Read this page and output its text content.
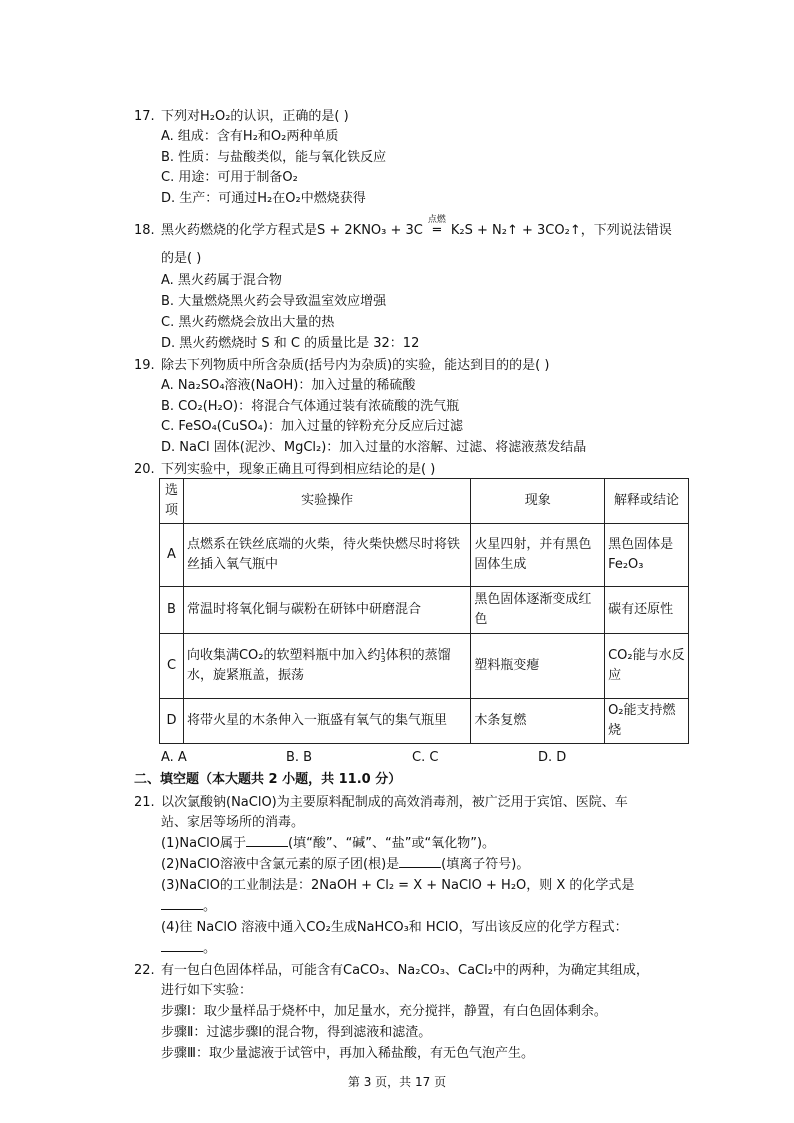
17. 下列对H₂O₂的认识，正确的是( )
A. 组成：含有H₂和O₂两种单质
B. 性质：与盐酸类似，能与氧化铁反应
C. 用途：可用于制备O₂
D. 生产：可通过H₂在O₂中燃烧获得
18. 黑火药燃烧的化学方程式是S + 2KNO₃ + 3C
点燃
═ K₂S + N₂↑ + 3CO₂↑，下列说法错误
的是( )
A. 黑火药属于混合物
B. 大量燃烧黑火药会导致温室效应增强
C. 黑火药燃烧会放出大量的热
D. 黑火药燃烧时 S 和 C 的质量比是 32：12
19. 除去下列物质中所含杂质(括号内为杂质)的实验，能达到目的的是( )
A. Na₂SO₄溶液(NaOH)：加入过量的稀硫酸
B. CO₂(H₂O)：将混合气体通过装有浓硫酸的洗气瓶
C. FeSO₄(CuSO₄)：加入过量的锌粉充分反应后过滤
D. NaCl 固体(泥沙、MgCl₂)：加入过量的水溶解、过滤、将滤液蒸发结晶
20. 下列实验中，现象正确且可得到相应结论的是( )
选项	实验操作	现象	解释或结论
A	点燃系在铁丝底端的火柴，待火柴快燃尽时将铁丝插入氧气瓶中	火星四射，并有黑色固体生成	黑色固体是Fe₂O₃
B	常温时将氧化铜与碳粉在研钵中研磨混合	黑色固体逐渐变成红色	碳有还原性
C	向收集满CO₂的软塑料瓶中加入约1
3体积的蒸馏水，旋紧瓶盖，振荡	塑料瓶变瘪	CO₂能与水反应
D	将带火星的木条伸入一瓶盛有氧气的集气瓶里	木条复燃	O₂能支持燃烧
A. A	B. B	C. C	D. D
二、填空题（本大题共 2 小题，共 11.0 分）
21. 以次氯酸钠(NaClO)为主要原料配制成的高效消毒剂，被广泛用于宾馆、医院、车
站、家居等场所的消毒。
(1)NaClO属于	(填“酸”、“碱”、“盐”或“氧化物”)。
(2)NaClO溶液中含氯元素的原子团(根)是	(填离子符号)。
(3)NaClO的工业制法是：2NaOH + Cl₂ = X + NaClO + H₂O，则 X 的化学式是
。
(4)往 NaClO 溶液中通入CO₂生成NaHCO₃和 HClO，写出该反应的化学方程式：
。
22. 有一包白色固体样品，可能含有CaCO₃、Na₂CO₃、CaCl₂中的两种，为确定其组成，
进行如下实验：
步骤Ⅰ：取少量样品于烧杯中，加足量水，充分搅拌，静置，有白色固体剩余。
步骤Ⅱ：过滤步骤Ⅰ的混合物，得到滤液和滤渣。
步骤Ⅲ：取少量滤液于试管中，再加入稀盐酸，有无色气泡产生。
第 3 页，共 17 页
